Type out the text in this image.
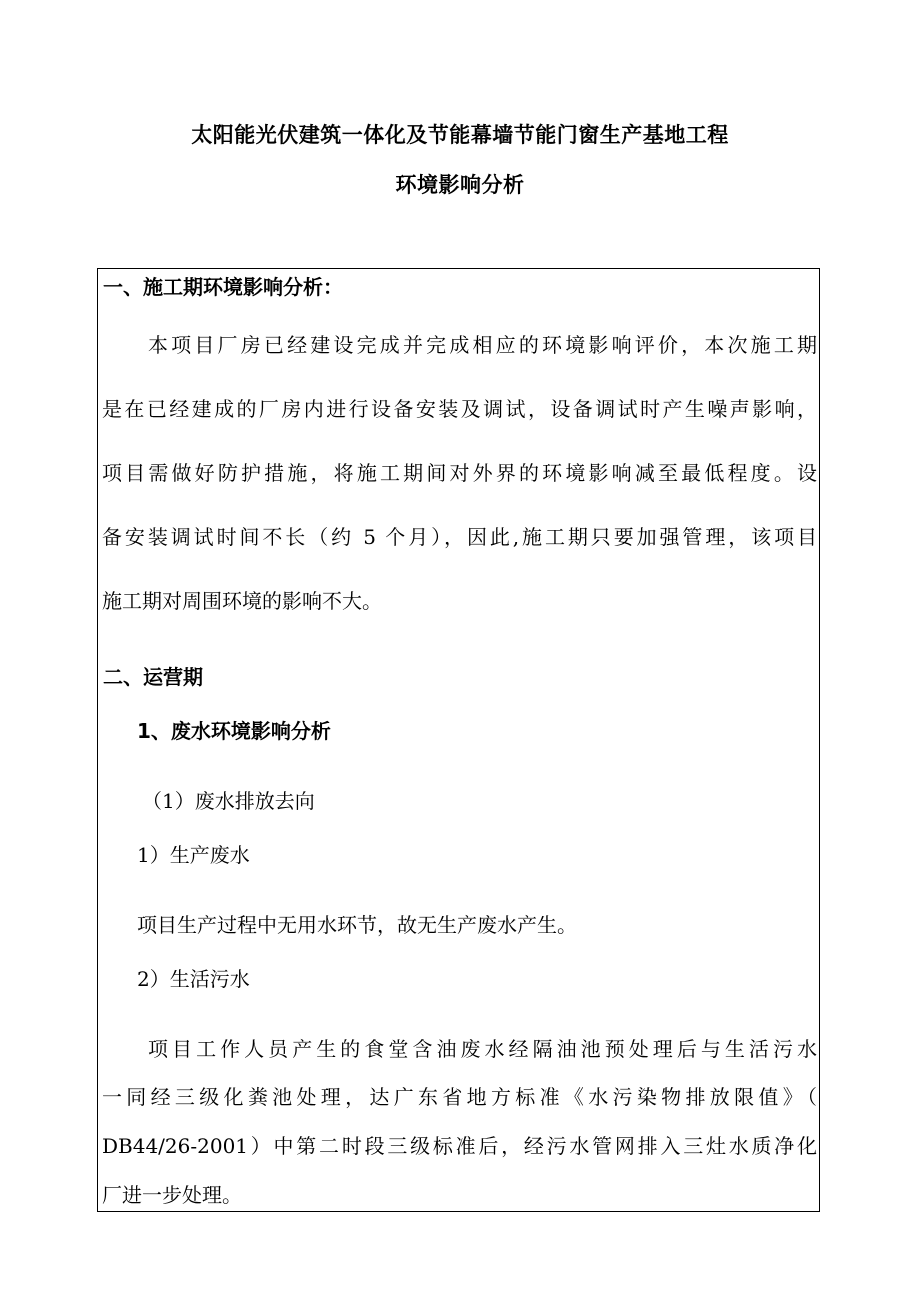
太阳能光伏建筑一体化及节能幕墙节能门窗生产基地工程
环境影响分析
一、施工期环境影响分析：
本项目厂房已经建设完成并完成相应的环境影响评价，本次施工期
是在已经建成的厂房内进行设备安装及调试，设备调试时产生噪声影响，
项目需做好防护措施，将施工期间对外界的环境影响减至最低程度。设
备安装调试时间不长（约 5 个月），因此,施工期只要加强管理，该项目
施工期对周围环境的影响不大。
二、运营期
1、废水环境影响分析
（1）废水排放去向
1）生产废水
项目生产过程中无用水环节，故无生产废水产生。
2）生活污水
项目工作人员产生的食堂含油废水经隔油池预处理后与生活污水
一同经三级化粪池处理，达广东省地方标准《水污染物排放限值》（
DB44/26-2001）中第二时段三级标准后，经污水管网排入三灶水质净化
厂进一步处理。
